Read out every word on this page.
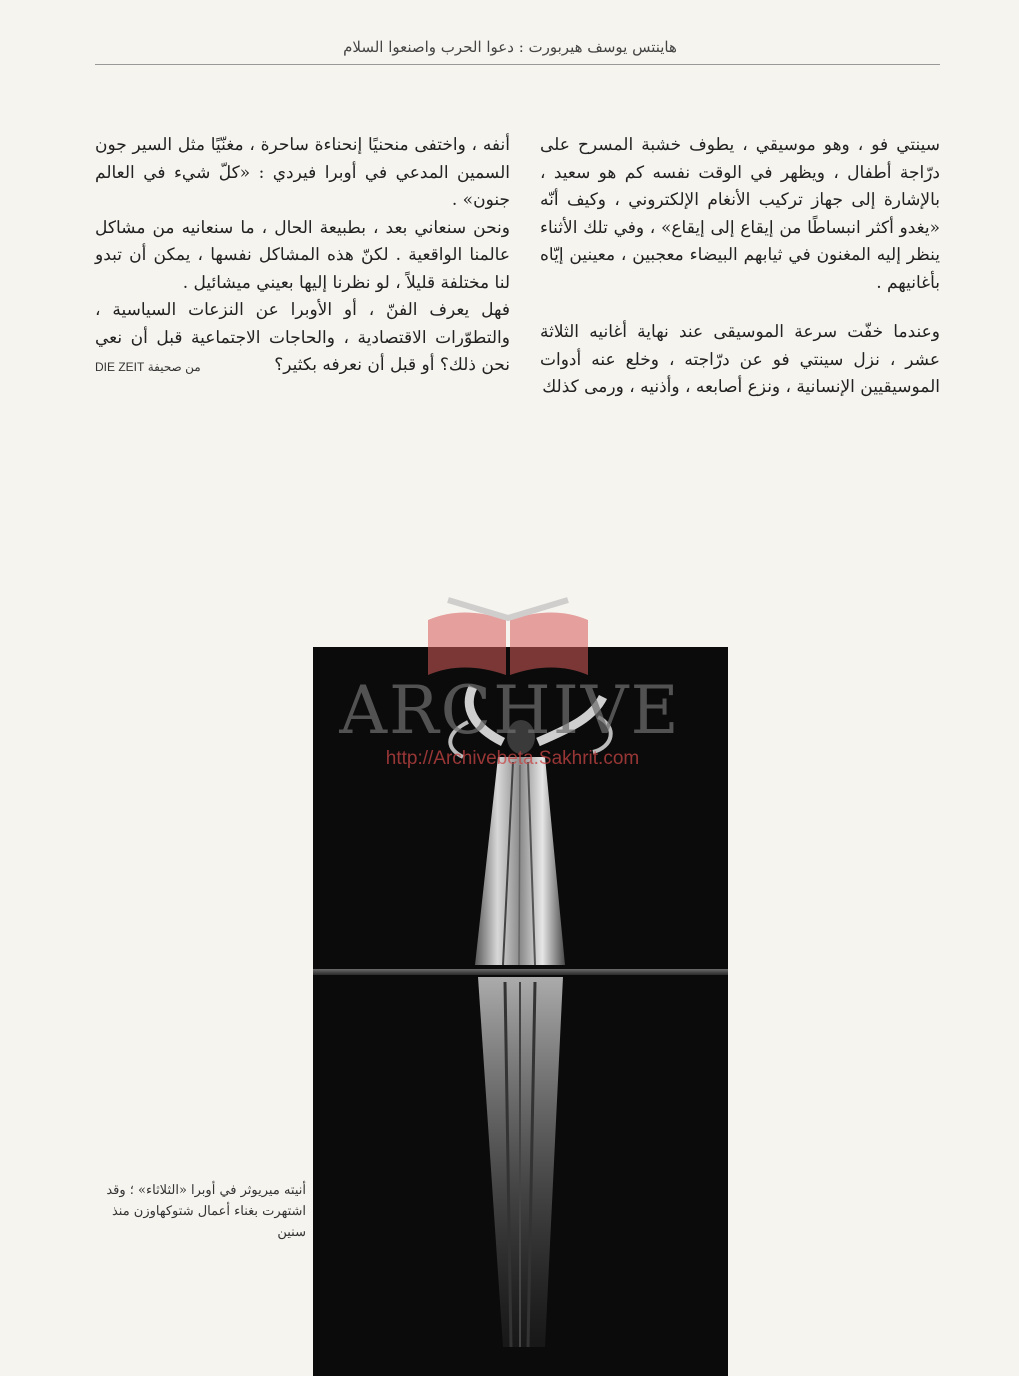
هاينتس يوسف هيربورت : دعوا الحرب واصنعوا السلام

سينتي فو ، وهو موسيقي ، يطوف خشبة المسرح على درّاجة أطفال ، ويظهر في الوقت نفسه كم هو سعيد ، بالإشارة إلى جهاز تركيب الأنغام الإلكتروني ، وكيف أنّه «يغدو أكثر انبساطًا من إيقاع إلى إيقاع» ، وفي تلك الأثناء ينظر إليه المغنون في ثيابهم البيضاء معجبين ، معينين إيّاه بأغانيهم .

وعندما خفّت سرعة الموسيقى عند نهاية أغانيه الثلاثة عشر ، نزل سينتي فو عن درّاجته ، وخلع عنه أدوات الموسيقيين الإنسانية ، ونزع أصابعه ، وأذنيه ، ورمى كذلك

أنفه ، واختفى منحنيًا إنحناءة ساحرة ، مغنّيًا مثل السير جون السمين المدعي في أوبرا فيردي : «كلّ شيء في العالم جنون» .

ونحن سنعاني بعد ، بطبيعة الحال ، ما سنعانيه من مشاكل عالمنا الواقعية . لكنّ هذه المشاكل نفسها ، يمكن أن تبدو لنا مختلفة قليلاً ، لو نظرنا إليها بعيني ميشائيل .

فهل يعرف الفنّ ، أو الأوبرا عن النزعات السياسية ، والتطوّرات الاقتصادية ، والحاجات الاجتماعية قبل أن نعي نحن ذلك؟ أو قبل أن نعرفه بكثير؟

من صحيفة DIE ZEIT
ARCHIVE
http://Archivebeta.Sakhrit.com
أنيته ميريوثر في أوبرا «الثلاثاء» ؛ وقد اشتهرت بغناء أعمال شتوكهاوزن منذ سنين
